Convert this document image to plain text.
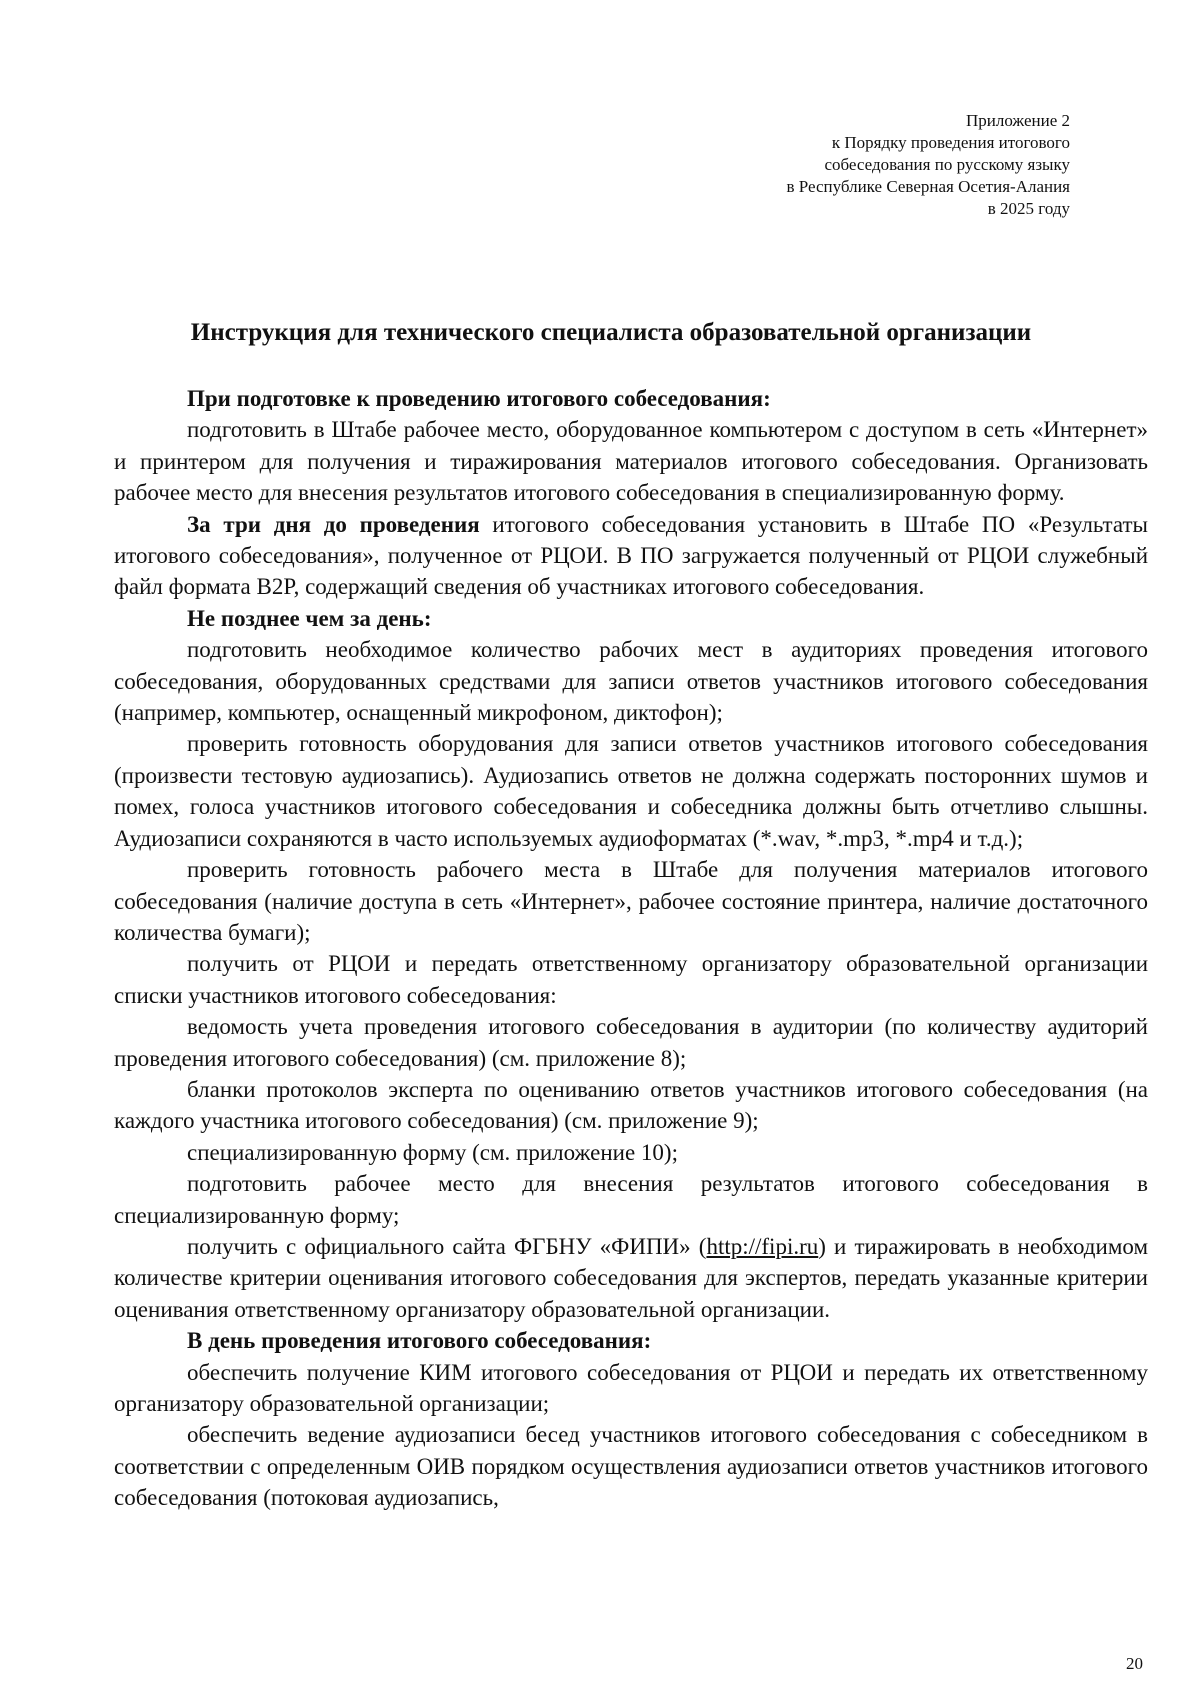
Приложение 2
к Порядку проведения итогового
собеседования по русскому языку
в Республике Северная Осетия-Алания
в 2025 году
Инструкция для технического специалиста образовательной организации

При подготовке к проведению итогового собеседования:

подготовить в Штабе рабочее место, оборудованное компьютером с доступом в сеть «Интернет» и принтером для получения и тиражирования материалов итогового собеседования. Организовать рабочее место для внесения результатов итогового собеседования в специализированную форму.

За три дня до проведения итогового собеседования установить в Штабе ПО «Результаты итогового собеседования», полученное от РЦОИ. В ПО загружается полученный от РЦОИ служебный файл формата B2P, содержащий сведения об участниках итогового собеседования.

Не позднее чем за день:

подготовить необходимое количество рабочих мест в аудиториях проведения итогового собеседования, оборудованных средствами для записи ответов участников итогового собеседования (например, компьютер, оснащенный микрофоном, диктофон);

проверить готовность оборудования для записи ответов участников итогового собеседования (произвести тестовую аудиозапись). Аудиозапись ответов не должна содержать посторонних шумов и помех, голоса участников итогового собеседования и собеседника должны быть отчетливо слышны. Аудиозаписи сохраняются в часто используемых аудиоформатах (*.wav, *.mp3, *.mp4 и т.д.);

проверить готовность рабочего места в Штабе для получения материалов итогового собеседования (наличие доступа в сеть «Интернет», рабочее состояние принтера, наличие достаточного количества бумаги);

получить от РЦОИ и передать ответственному организатору образовательной организации списки участников итогового собеседования:

ведомость учета проведения итогового собеседования в аудитории (по количеству аудиторий проведения итогового собеседования) (см. приложение 8);

бланки протоколов эксперта по оцениванию ответов участников итогового собеседования (на каждого участника итогового собеседования) (см. приложение 9);

специализированную форму (см. приложение 10);

подготовить рабочее место для внесения результатов итогового собеседования в специализированную форму;

получить с официального сайта ФГБНУ «ФИПИ» (http://fipi.ru) и тиражировать в необходимом количестве критерии оценивания итогового собеседования для экспертов, передать указанные критерии оценивания ответственному организатору образовательной организации.

В день проведения итогового собеседования:

обеспечить получение КИМ итогового собеседования от РЦОИ и передать их ответственному организатору образовательной организации;

обеспечить ведение аудиозаписи бесед участников итогового собеседования с собеседником в соответствии с определенным ОИВ порядком осуществления аудиозаписи ответов участников итогового собеседования (потоковая аудиозапись,

20
